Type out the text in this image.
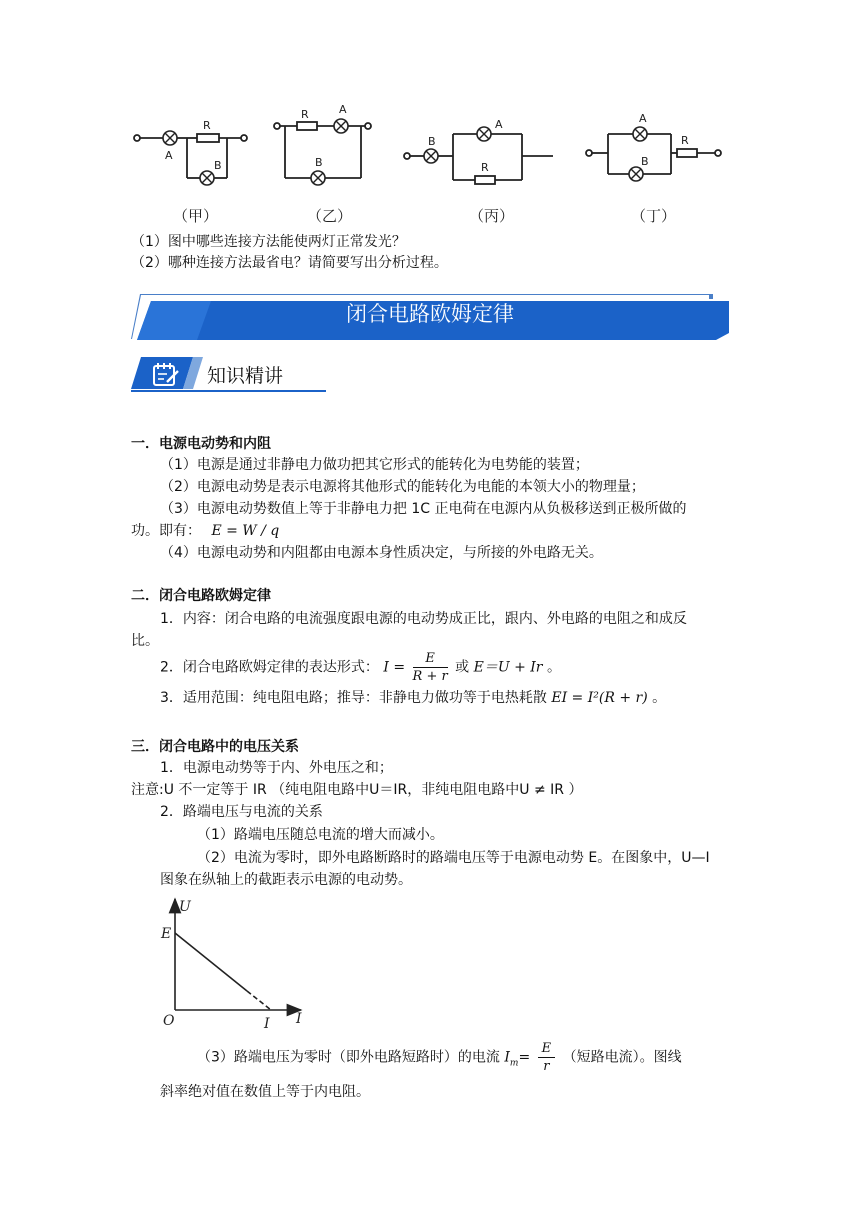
A
R
B
R	A
B
B
A
R
A
B
R
（甲）	（乙）	（丙）	（丁）
（1）图中哪些连接方法能使两灯正常发光？
（2）哪种连接方法最省电？请简要写出分析过程。
闭合电路欧姆定律
知识精讲
一．电源电动势和内阻
（1）电源是通过非静电力做功把其它形式的能转化为电势能的装置；
（2）电源电动势是表示电源将其他形式的能转化为电能的本领大小的物理量；
（3）电源电动势数值上等于非静电力把 1C 正电荷在电源内从负极移送到正极所做的
功。即有： E = W / q
（4）电源电动势和内阻都由电源本身性质决定，与所接的外电路无关。
二．闭合电路欧姆定律
1．内容：闭合电路的电流强度跟电源的电动势成正比，跟内、外电路的电阻之和成反
比。
2．闭合电路欧姆定律的表达形式： $I = \frac{E}{R + r}$ 或 E＝U + Ir 。
3．适用范围：纯电阻电路；推导：非静电力做功等于电热耗散 EI = I²(R + r) 。
三．闭合电路中的电压关系
1．电源电动势等于内、外电压之和；
注意:U 不一定等于 IR （纯电阻电路中U＝IR，非纯电阻电路中U ≠ IR ）
2．路端电压与电流的关系
（1）路端电压随总电流的增大而减小。
（2）电流为零时，即外电路断路时的路端电压等于电源电动势 E。在图象中，U—I
图象在纵轴上的截距表示电源的电动势。
U
E
O	I I
（3）路端电压为零时（即外电路短路时）的电流 $I_m= \frac{E}{r}$ （短路电流）。图线
斜率绝对值在数值上等于内电阻。
